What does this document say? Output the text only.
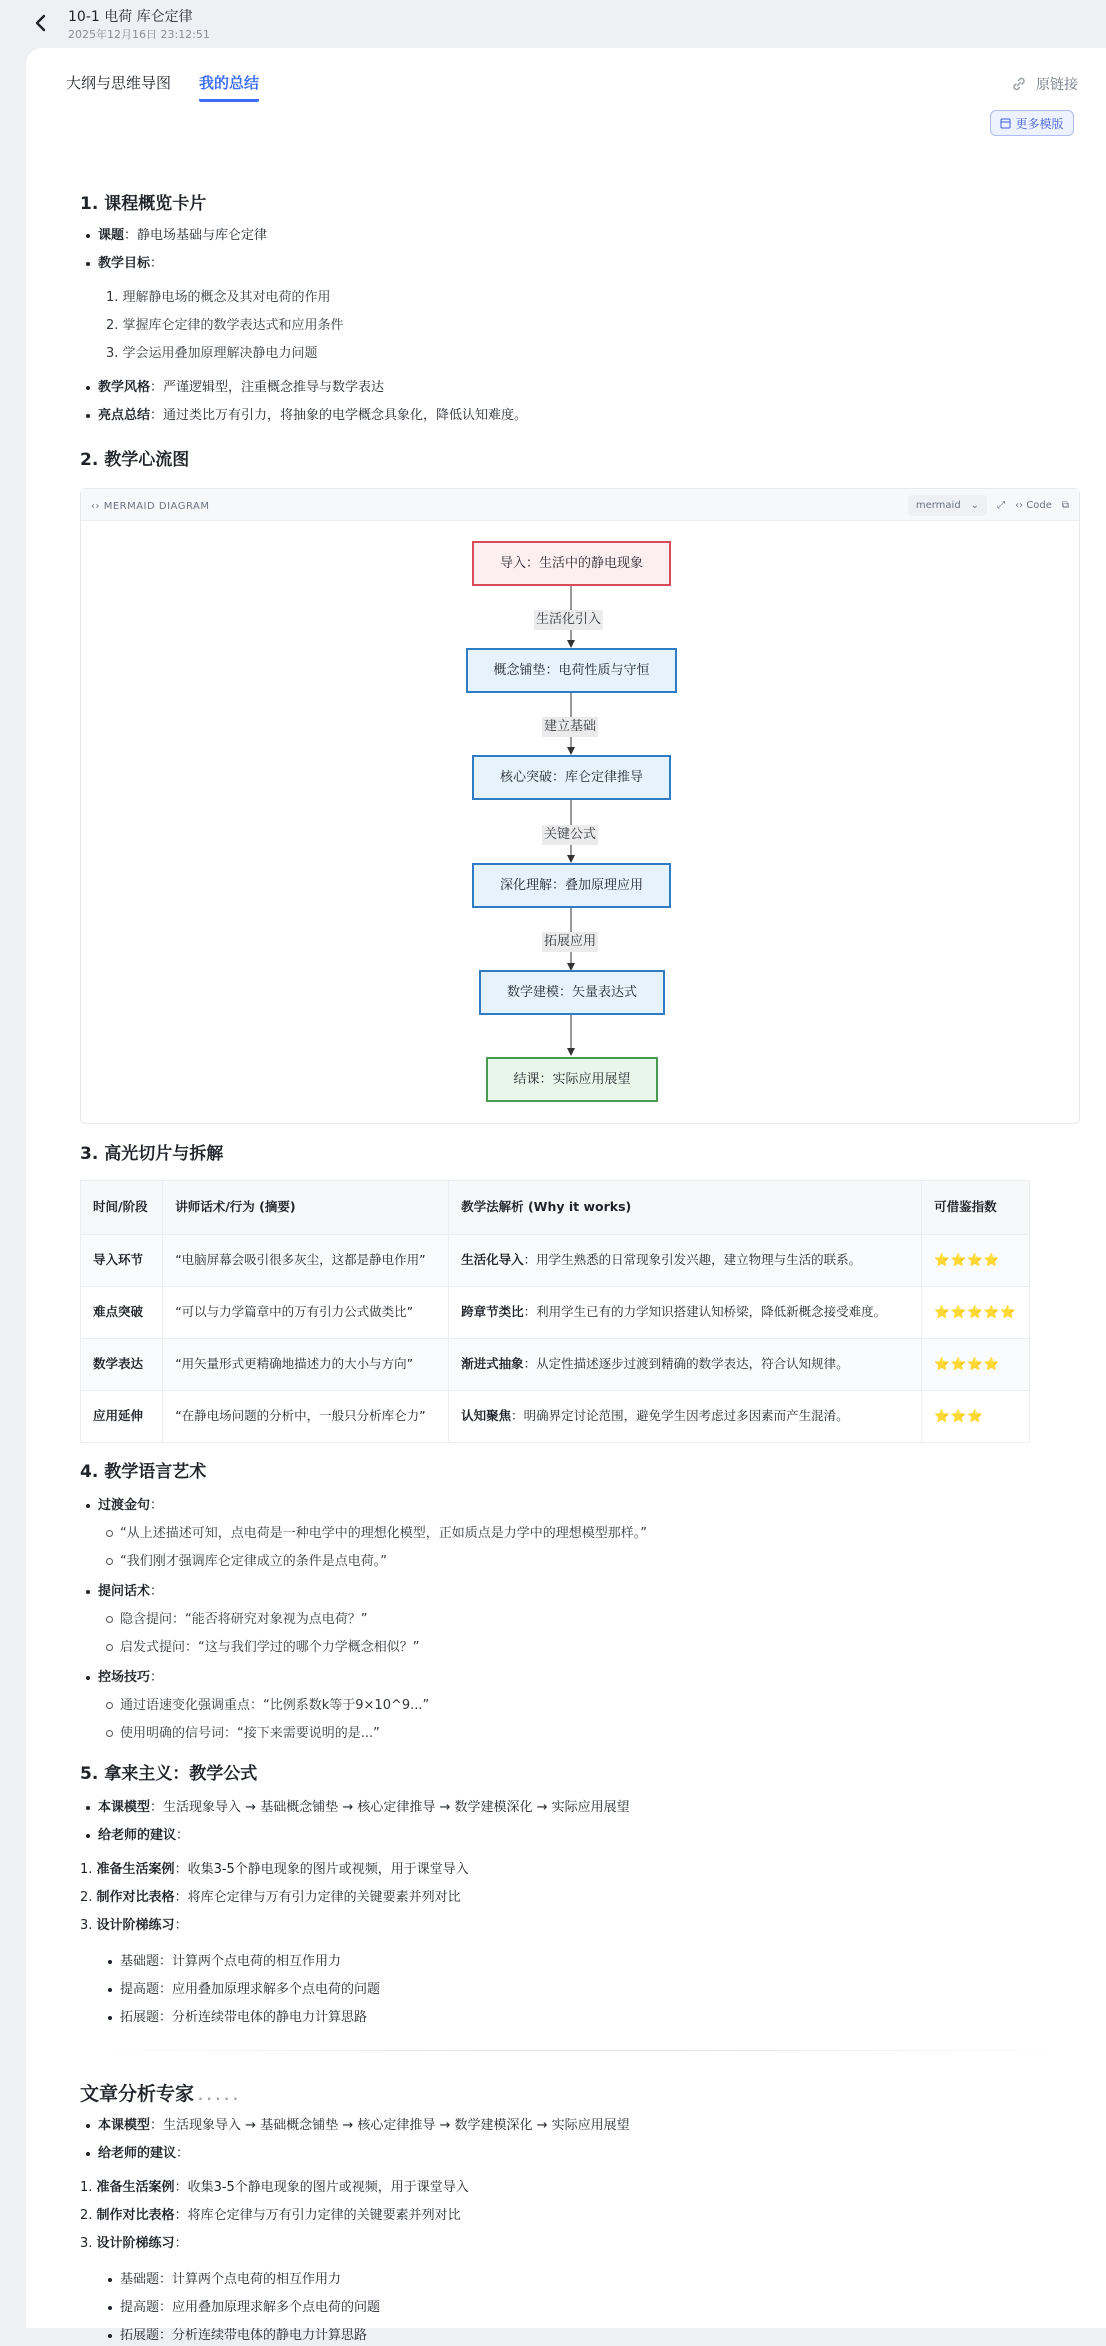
10-1 电荷 库仑定律
2025年12月16日 23:12:51
大纲与思维导图 我的总结	原链接
更多模版
1. 课程概览卡片
课题：静电场基础与库仑定律
教学目标：
1. 理解静电场的概念及其对电荷的作用
2. 掌握库仑定律的数学表达式和应用条件
3. 学会运用叠加原理解决静电力问题
教学风格：严谨逻辑型，注重概念推导与数学表达
亮点总结：通过类比万有引力，将抽象的电学概念具象化，降低认知难度。
2. 教学心流图
‹› MERMAID DIAGRAM	mermaid ⌄ ⤢ ‹› Code ⧉
导入：生活中的静电现象
生活化引入
概念铺垫：电荷性质与守恒
建立基础
核心突破：库仑定律推导
关键公式
深化理解：叠加原理应用
拓展应用
数学建模：矢量表达式
结课：实际应用展望
3. 高光切片与拆解
时间/阶段	讲师话术/行为 (摘要)	教学法解析 (Why it works)	可借鉴指数
导入环节	“电脑屏幕会吸引很多灰尘，这都是静电作用”	生活化导入：用学生熟悉的日常现象引发兴趣，建立物理与生活的联系。	⭐⭐⭐⭐
难点突破	“可以与力学篇章中的万有引力公式做类比”	跨章节类比：利用学生已有的力学知识搭建认知桥梁，降低新概念接受难度。	⭐⭐⭐⭐⭐
数学表达	“用矢量形式更精确地描述力的大小与方向”	渐进式抽象：从定性描述逐步过渡到精确的数学表达，符合认知规律。	⭐⭐⭐⭐
应用延伸	“在静电场问题的分析中，一般只分析库仑力”	认知聚焦：明确界定讨论范围，避免学生因考虑过多因素而产生混淆。	⭐⭐⭐
4. 教学语言艺术
过渡金句：
“从上述描述可知，点电荷是一种电学中的理想化模型，正如质点是力学中的理想模型那样。”
“我们刚才强调库仑定律成立的条件是点电荷。”
提问话术：
隐含提问：“能否将研究对象视为点电荷？”
启发式提问：“这与我们学过的哪个力学概念相似？”
控场技巧：
通过语速变化强调重点：“比例系数k等于9×10^9...”
使用明确的信号词：“接下来需要说明的是...”
5. 拿来主义：教学公式
本课模型：生活现象导入 → 基础概念铺垫 → 核心定律推导 → 数学建模深化 → 实际应用展望
给老师的建议：
1. 准备生活案例：收集3-5个静电现象的图片或视频，用于课堂导入
2. 制作对比表格：将库仑定律与万有引力定律的关键要素并列对比
3. 设计阶梯练习：
基础题：计算两个点电荷的相互作用力
提高题：应用叠加原理求解多个点电荷的问题
拓展题：分析连续带电体的静电力计算思路
文章分析专家 . . . . .
本课模型：生活现象导入 → 基础概念铺垫 → 核心定律推导 → 数学建模深化 → 实际应用展望
给老师的建议：
1. 准备生活案例：收集3-5个静电现象的图片或视频，用于课堂导入
2. 制作对比表格：将库仑定律与万有引力定律的关键要素并列对比
3. 设计阶梯练习：
基础题：计算两个点电荷的相互作用力
提高题：应用叠加原理求解多个点电荷的问题
拓展题：分析连续带电体的静电力计算思路
